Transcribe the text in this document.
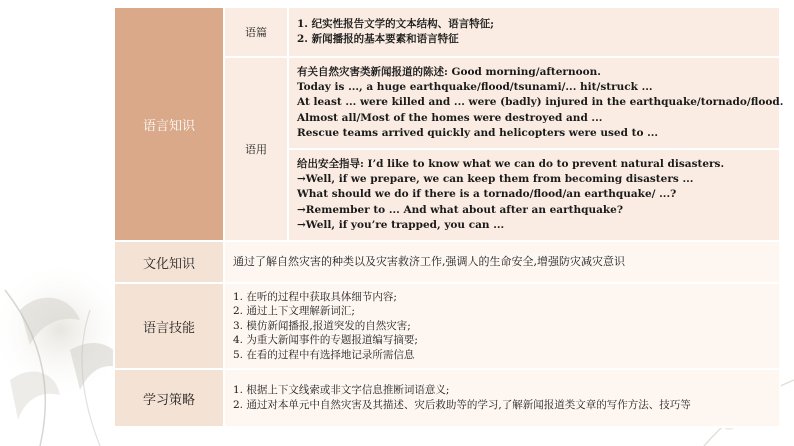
语言知识	语篇	1. 纪实性报告文学的文本结构、语言特征;
2. 新闻播报的基本要素和语言特征

	语用	有关自然灾害类新闻报道的陈述: Good morning/afternoon.
Today is ..., a huge earthquake/flood/tsunami/... hit/struck ...
At least ... were killed and ... were (badly) injured in the earthquake/tornado/flood.
Almost all/Most of the homes were destroyed and ...
Rescue teams arrived quickly and helicopters were used to ...

		给出安全指导: I’d like to know what we can do to prevent natural disasters.
→Well, if we prepare, we can keep them from becoming disasters ...
What should we do if there is a tornado/flood/an earthquake/ ...?
→Remember to ... And what about after an earthquake?
→Well, if you’re trapped, you can ...

文化知识	通过了解自然灾害的种类以及灾害救济工作,强调人的生命安全,增强防灾减灾意识	

语言技能	1. 在听的过程中获取具体细节内容;
2. 通过上下文理解新词汇;
3. 模仿新闻播报,报道突发的自然灾害;
4. 为重大新闻事件的专题报道编写摘要;
5. 在看的过程中有选择地记录所需信息	

学习策略	1. 根据上下文线索或非文字信息推断词语意义;
2. 通过对本单元中自然灾害及其描述、灾后救助等的学习,了解新闻报道类文章的写作方法、技巧等	
